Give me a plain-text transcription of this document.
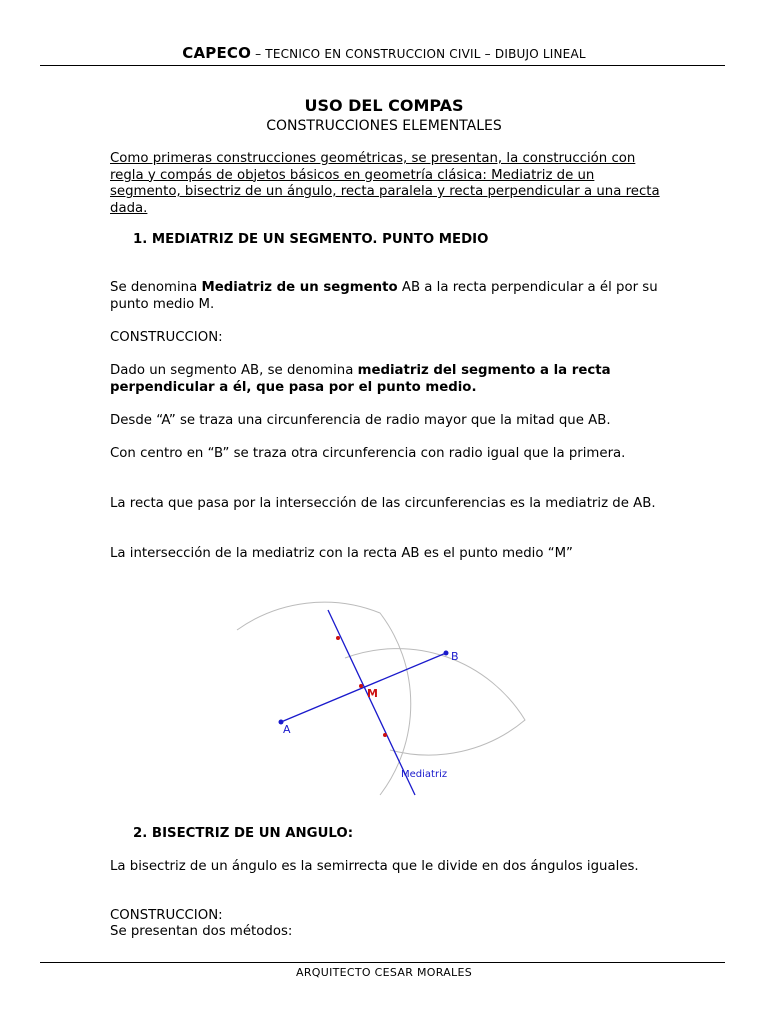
CAPECO – TECNICO EN CONSTRUCCION CIVIL – DIBUJO LINEAL
USO DEL COMPAS
CONSTRUCCIONES ELEMENTALES
Como primeras construcciones geométricas, se presentan, la construcción con regla y compás de objetos básicos en geometría clásica: Mediatriz de un segmento, bisectriz de un ángulo, recta paralela y recta perpendicular a una recta dada.
1. MEDIATRIZ DE UN SEGMENTO. PUNTO MEDIO
Se denomina Mediatriz de un segmento AB a la recta perpendicular a él por su punto medio M.
CONSTRUCCION:
Dado un segmento AB, se denomina mediatriz del segmento a la recta perpendicular a él, que pasa por el punto medio.
Desde “A” se traza una circunferencia de radio mayor que la mitad que AB.
Con centro en “B” se traza otra circunferencia con radio igual que la primera.
La recta que pasa por la intersección de las circunferencias es la mediatriz de AB.
La intersección de la mediatriz con la recta AB es el punto medio “M”
A
B
M
Mediatriz
2. BISECTRIZ DE UN ANGULO:
La bisectriz de un ángulo es la semirrecta que le divide en dos ángulos iguales.
CONSTRUCCION:
Se presentan dos métodos:
ARQUITECTO CESAR MORALES
